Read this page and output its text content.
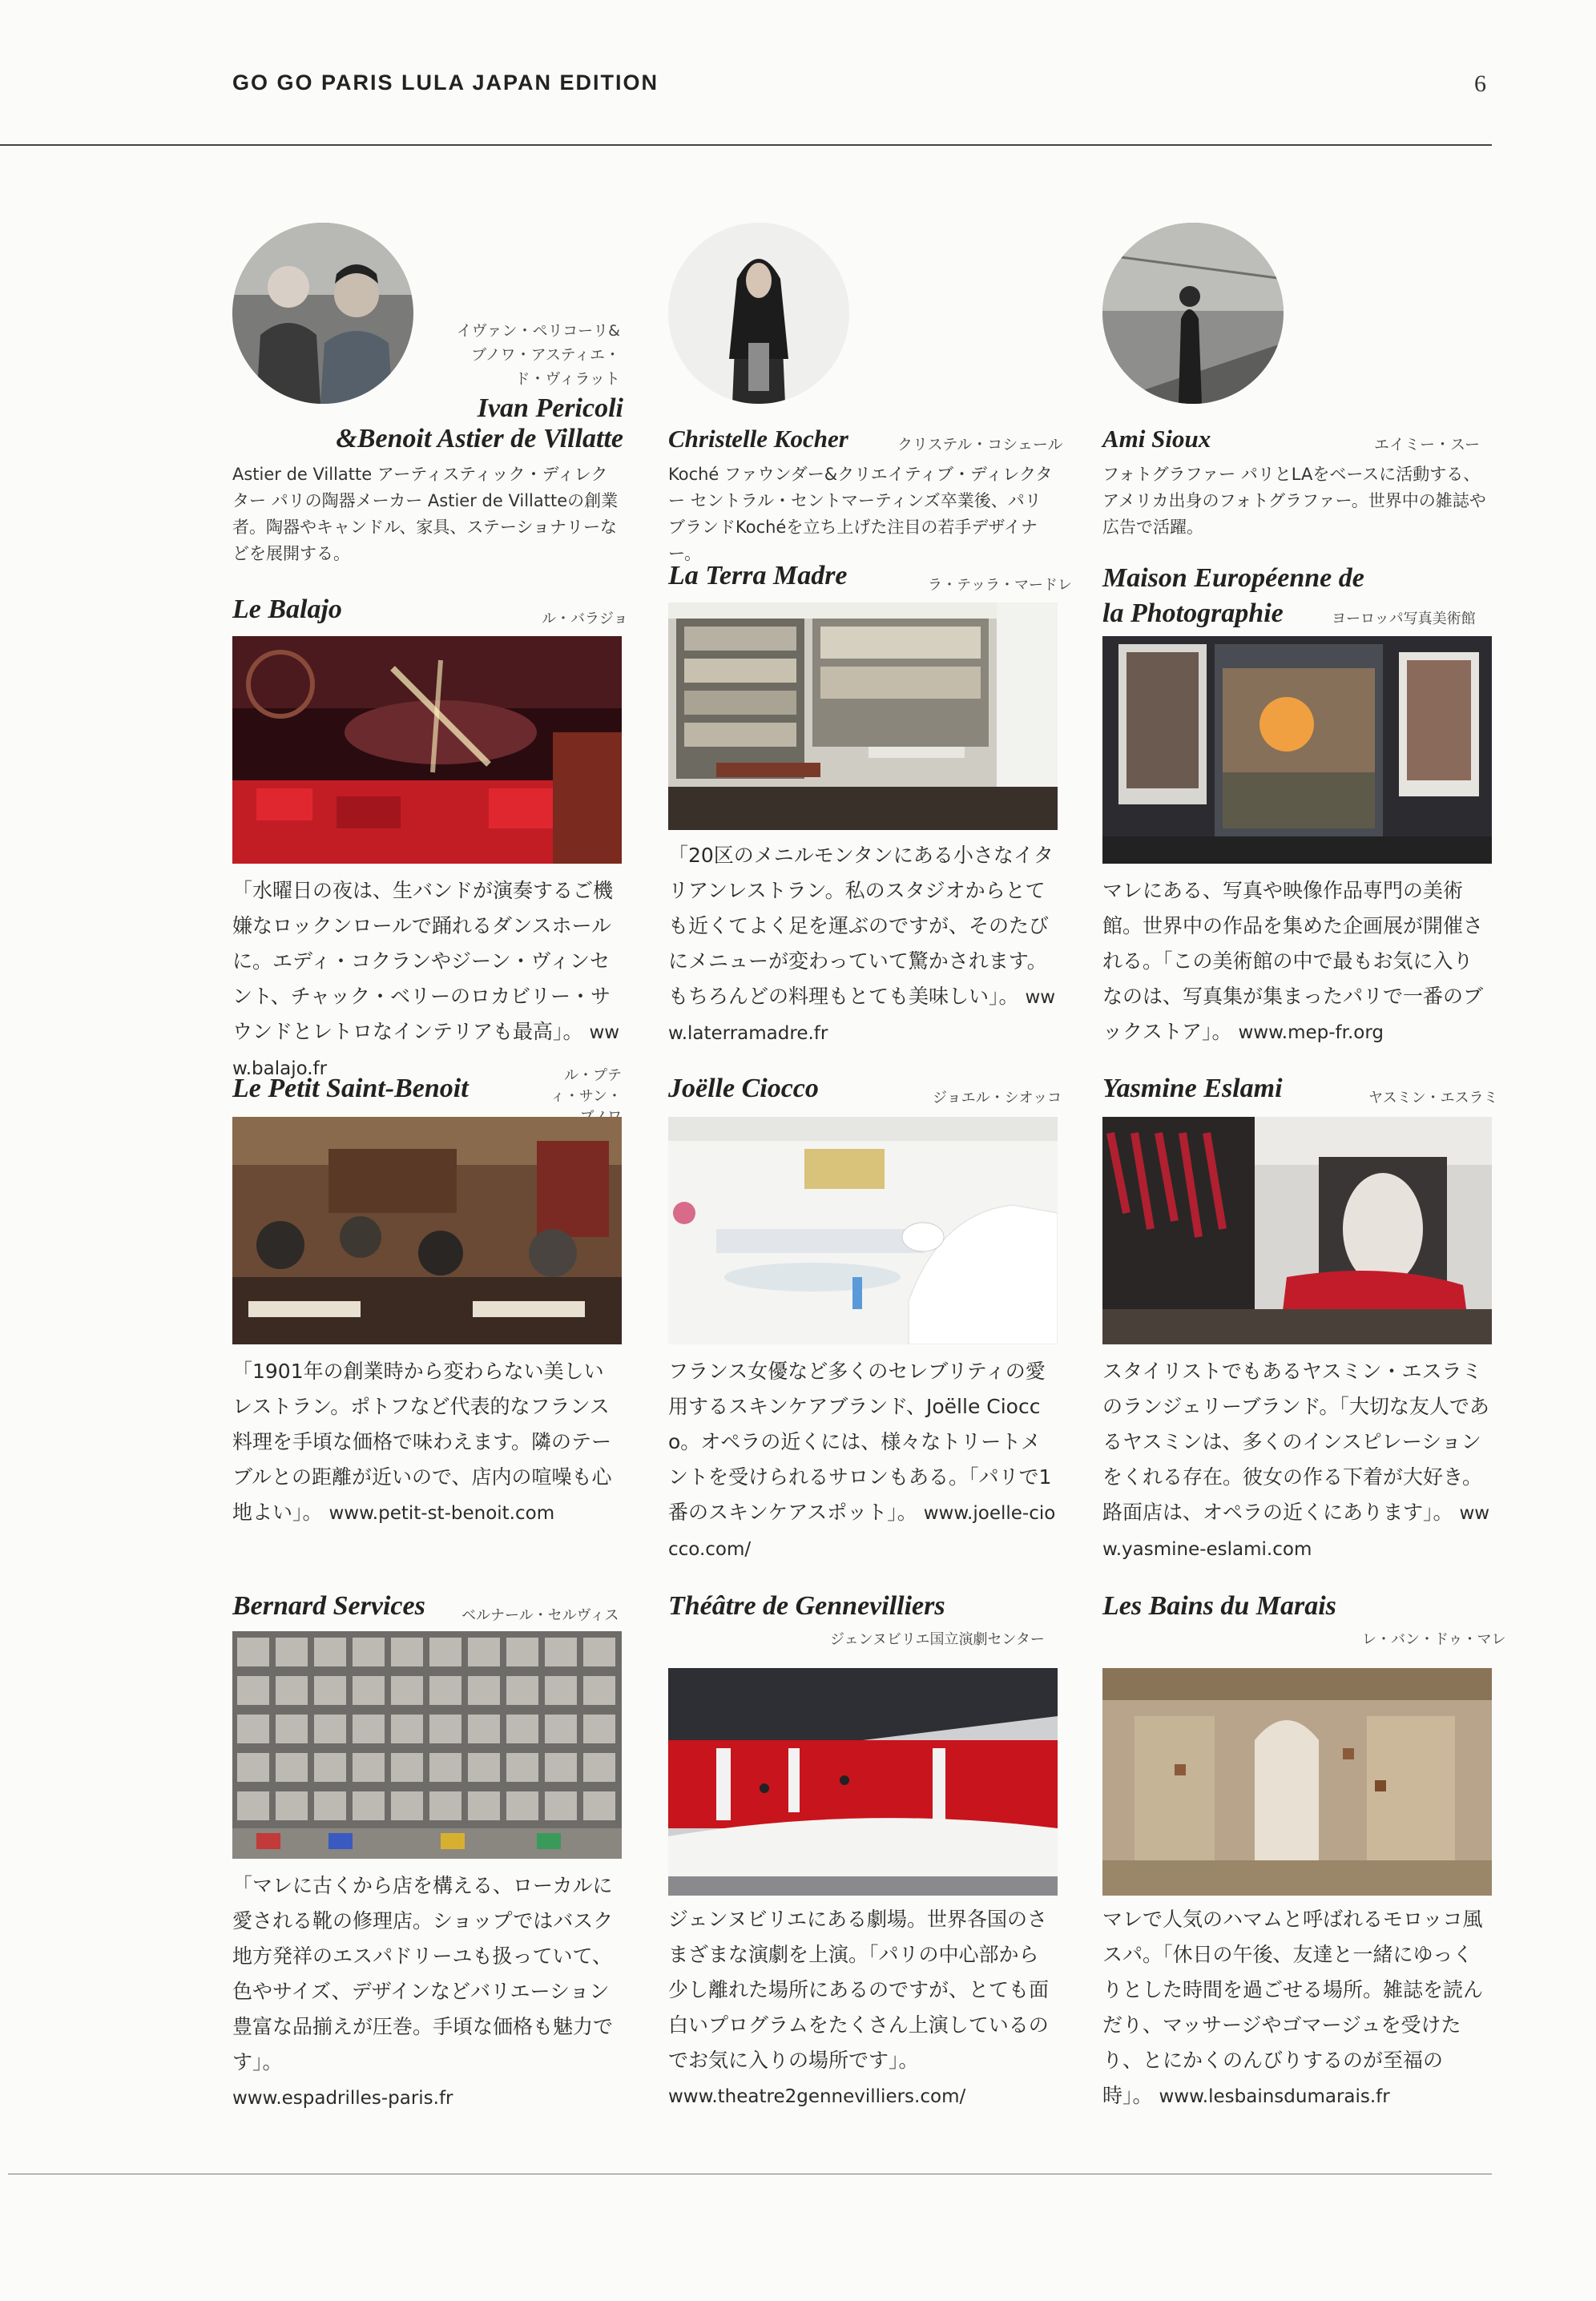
GO GO PARIS LULA JAPAN EDITION	6
イヴァン・ペリコーリ&
ブノワ・アスティエ・
ド・ヴィラット
Ivan Pericoli
&Benoit Astier de Villatte
Astier de Villatte アーティスティック・ディレクター パリの陶器メーカー Astier de Villatteの創業者。陶器やキャンドル、家具、ステーショナリーなどを展開する。
Christelle Kocher	クリステル・コシェール
Koché ファウンダー&クリエイティブ・ディレクター セントラル・セントマーティンズ卒業後、パリブランドKochéを立ち上げた注目の若手デザイナー。
Ami Sioux	エイミー・スー
フォトグラファー パリとLAをベースに活動する、アメリカ出身のフォトグラファー。世界中の雑誌や広告で活躍。
Le Balajo	ル・バラジョ
「水曜日の夜は、生バンドが演奏するご機嫌なロックンロールで踊れるダンスホールに。エディ・コクランやジーン・ヴィンセント、チャック・ベリーのロカビリー・サウンドとレトロなインテリアも最高」。 www.balajo.fr
La Terra Madre	ラ・テッラ・マードレ
「20区のメニルモンタンにある小さなイタリアンレストラン。私のスタジオからとても近くてよく足を運ぶのですが、そのたびにメニューが変わっていて驚かされます。もちろんどの料理もとても美味しい」。 www.laterramadre.fr
Maison Européenne de la Photographie	ヨーロッパ写真美術館
マレにある、写真や映像作品専門の美術館。世界中の作品を集めた企画展が開催される。「この美術館の中で最もお気に入りなのは、写真集が集まったパリで一番のブックストア」。 www.mep-fr.org
Le Petit Saint-Benoit	ル・プティ・サン・
「1901年の創業時から変わらない美しいレストラン。ポトフなど代表的なフランス料理を手頃な価格で味わえます。隣のテーブルとの距離が近いので、店内の喧噪も心地よい」。 www.petit-st-benoit.com
Joëlle Ciocco	ジョエル・シオッコ
フランス女優など多くのセレブリティの愛用するスキンケアブランド、Joëlle Ciocco。オペラの近くには、様々なトリートメントを受けられるサロンもある。「パリで1番のスキンケアスポット」。 www.joelle-ciocco.com/
Yasmine Eslami	ヤスミン・エスラミ
スタイリストでもあるヤスミン・エスラミのランジェリーブランド。「大切な友人であるヤスミンは、多くのインスピレーションをくれる存在。彼女の作る下着が大好き。路面店は、オペラの近くにあります」。 www.yasmine-eslami.com
Bernard Services	ベルナール・セルヴィス
「マレに古くから店を構える、ローカルに愛される靴の修理店。ショップではバスク地方発祥のエスパドリーユも扱っていて、色やサイズ、デザインなどバリエーション豊富な品揃えが圧巻。手頃な価格も魅力です」。
www.espadrilles-paris.fr
Théâtre de Gennevilliers
ジェンヌビリエ国立演劇センター
ジェンヌビリエにある劇場。世界各国のさまざまな演劇を上演。「パリの中心部から少し離れた場所にあるのですが、とても面白いプログラムをたくさん上演しているのでお気に入りの場所です」。
www.theatre2gennevilliers.com/
Les Bains du Marais
レ・バン・ドゥ・マレ
マレで人気のハマムと呼ばれるモロッコ風スパ。「休日の午後、友達と一緒にゆっくりとした時間を過ごせる場所。雑誌を読んだり、マッサージやゴマージュを受けたり、とにかくのんびりするのが至福の時」。 www.lesbainsdumarais.fr
